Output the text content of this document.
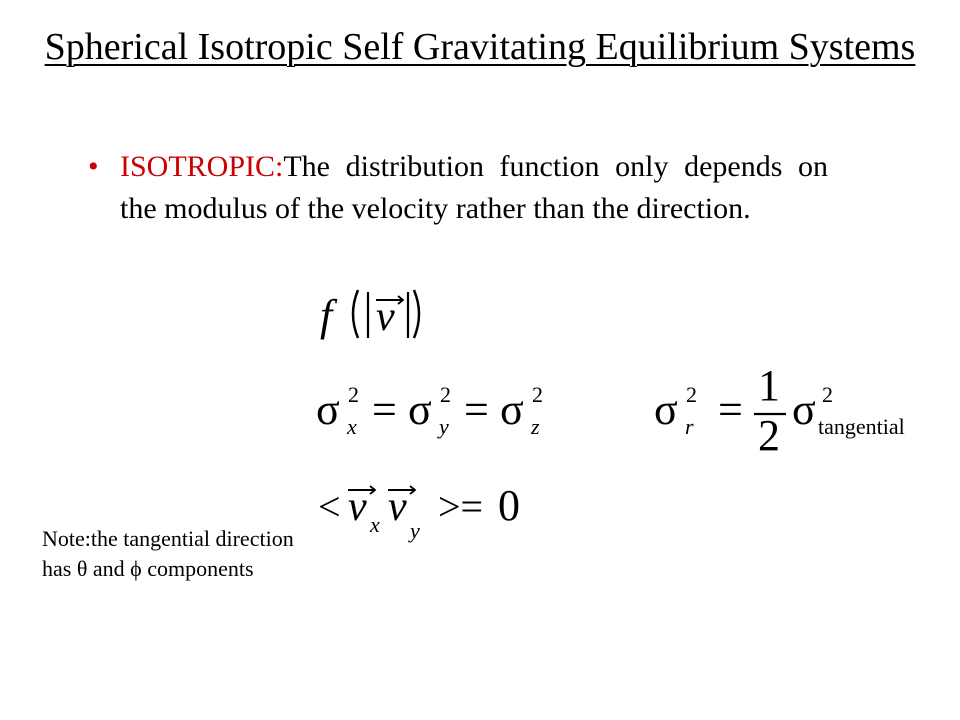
Spherical Isotropic Self Gravitating Equilibrium Systems
• ISOTROPIC:The distribution function only depends on the modulus of the velocity rather than the direction.
f v
σ 2
x = σ 2
y = σ 2
z	σ 2
r = 1
2
σ 2
tangential
< v x v
y
>= 0
Note:the tangential direction has θ and ϕ components
